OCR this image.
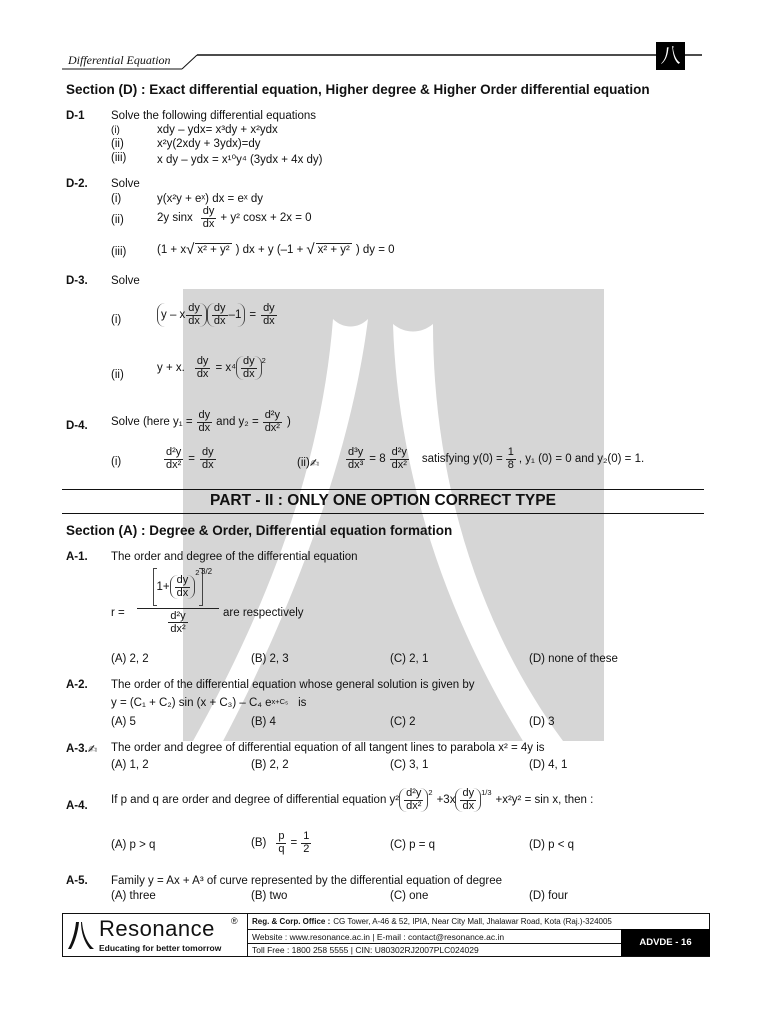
Differential Equation	八
Section (D) : Exact differential equation, Higher degree & Higher Order differential equation
D-1 Solve the following differential equations
(i)	xdy – ydx= x³dy + x²ydx
(ii)	x²y(2xdy + 3ydx)=dy
(iii)	x dy – ydx = x¹⁰y⁴ (3ydx + 4x dy)
D-2. Solve
(i)	y(x²y + eˣ) dx = eˣ dy
(ii)	2y sinx $\frac{dy}{dx} + y^2$ cosx + 2x = 0
(iii)	(1 + x √ x² + y² ) dx + y (–1 + √ x² + y² ) dy = 0
D-3. Solve
(i)	y – x $\frac{dy}{dx} \frac{dy}{dx} -1 = \frac{dy}{dx}$
(ii)
y + x. $\frac{dy}{dx} = x^4 \frac{dy}{dx} ^2$
D-4. Solve (here $y_1 = \frac{dy}{dx}$ and $y_2 = \frac{\text{d²y}}{\text{dx²}}$ )
(i)	$\frac{\text{d²y}}{\text{dx²}} = \frac{dy}{dx}$	(ii) ✍ $\frac{\text{d³y}}{\text{dx³}} = 8 \frac{\text{d²y}}{\text{dx²}}$ satisfying $y(0) = \frac{1}{8}$ , y₁ (0) = 0 and y₂(0) = 1.
PART - II : ONLY ONE OPTION CORRECT TYPE
Section (A) : Degree & Order, Differential equation formation
A-1. The order and degree of the differential equation
r =
$1+ \frac{dy}{dx}$
$^2$
d²y
dx²
3/2
are respectively
(A) 2, 2	(B) 2, 3	(C) 2, 1	(D) none of these
A-2. The order of the differential equation whose general solution is given by
y = (C₁ + C₂) sin (x + C₃) – C₄ e x+C₅ is
(A) 5	(B) 4	(C) 2	(D) 3
A-3. ✍ The order and degree of differential equation of all tangent lines to parabola x² = 4y is
(A) 1, 2	(B) 2, 2	(C) 3, 1	(D) 4, 1
A-4. If p and q are order and degree of differential equation $y^2 \frac{\text{d²y}}{\text{dx²}} ^2$
$+3x \frac{dy}{dx} ^{1/3}$
+x²y² = sin x, then :
(A) p > q	$(B) \frac{p}{q} = \frac{1}{2}$	(C) p = q	(D) p < q
A-5. Family y = Ax + A³ of curve represented by the differential equation of degree
(A) three	(B) two	(C) one	(D) four
Resonance ®
Educating for better tomorrow
Reg. & Corp. Office : CG Tower, A-46 & 52, IPIA, Near City Mall, Jhalawar Road, Kota (Raj.)-324005
Website : www.resonance.ac.in | E-mail : contact@resonance.ac.in
Toll Free : 1800 258 5555 | CIN: U80302RJ2007PLC024029
ADVDE - 16
